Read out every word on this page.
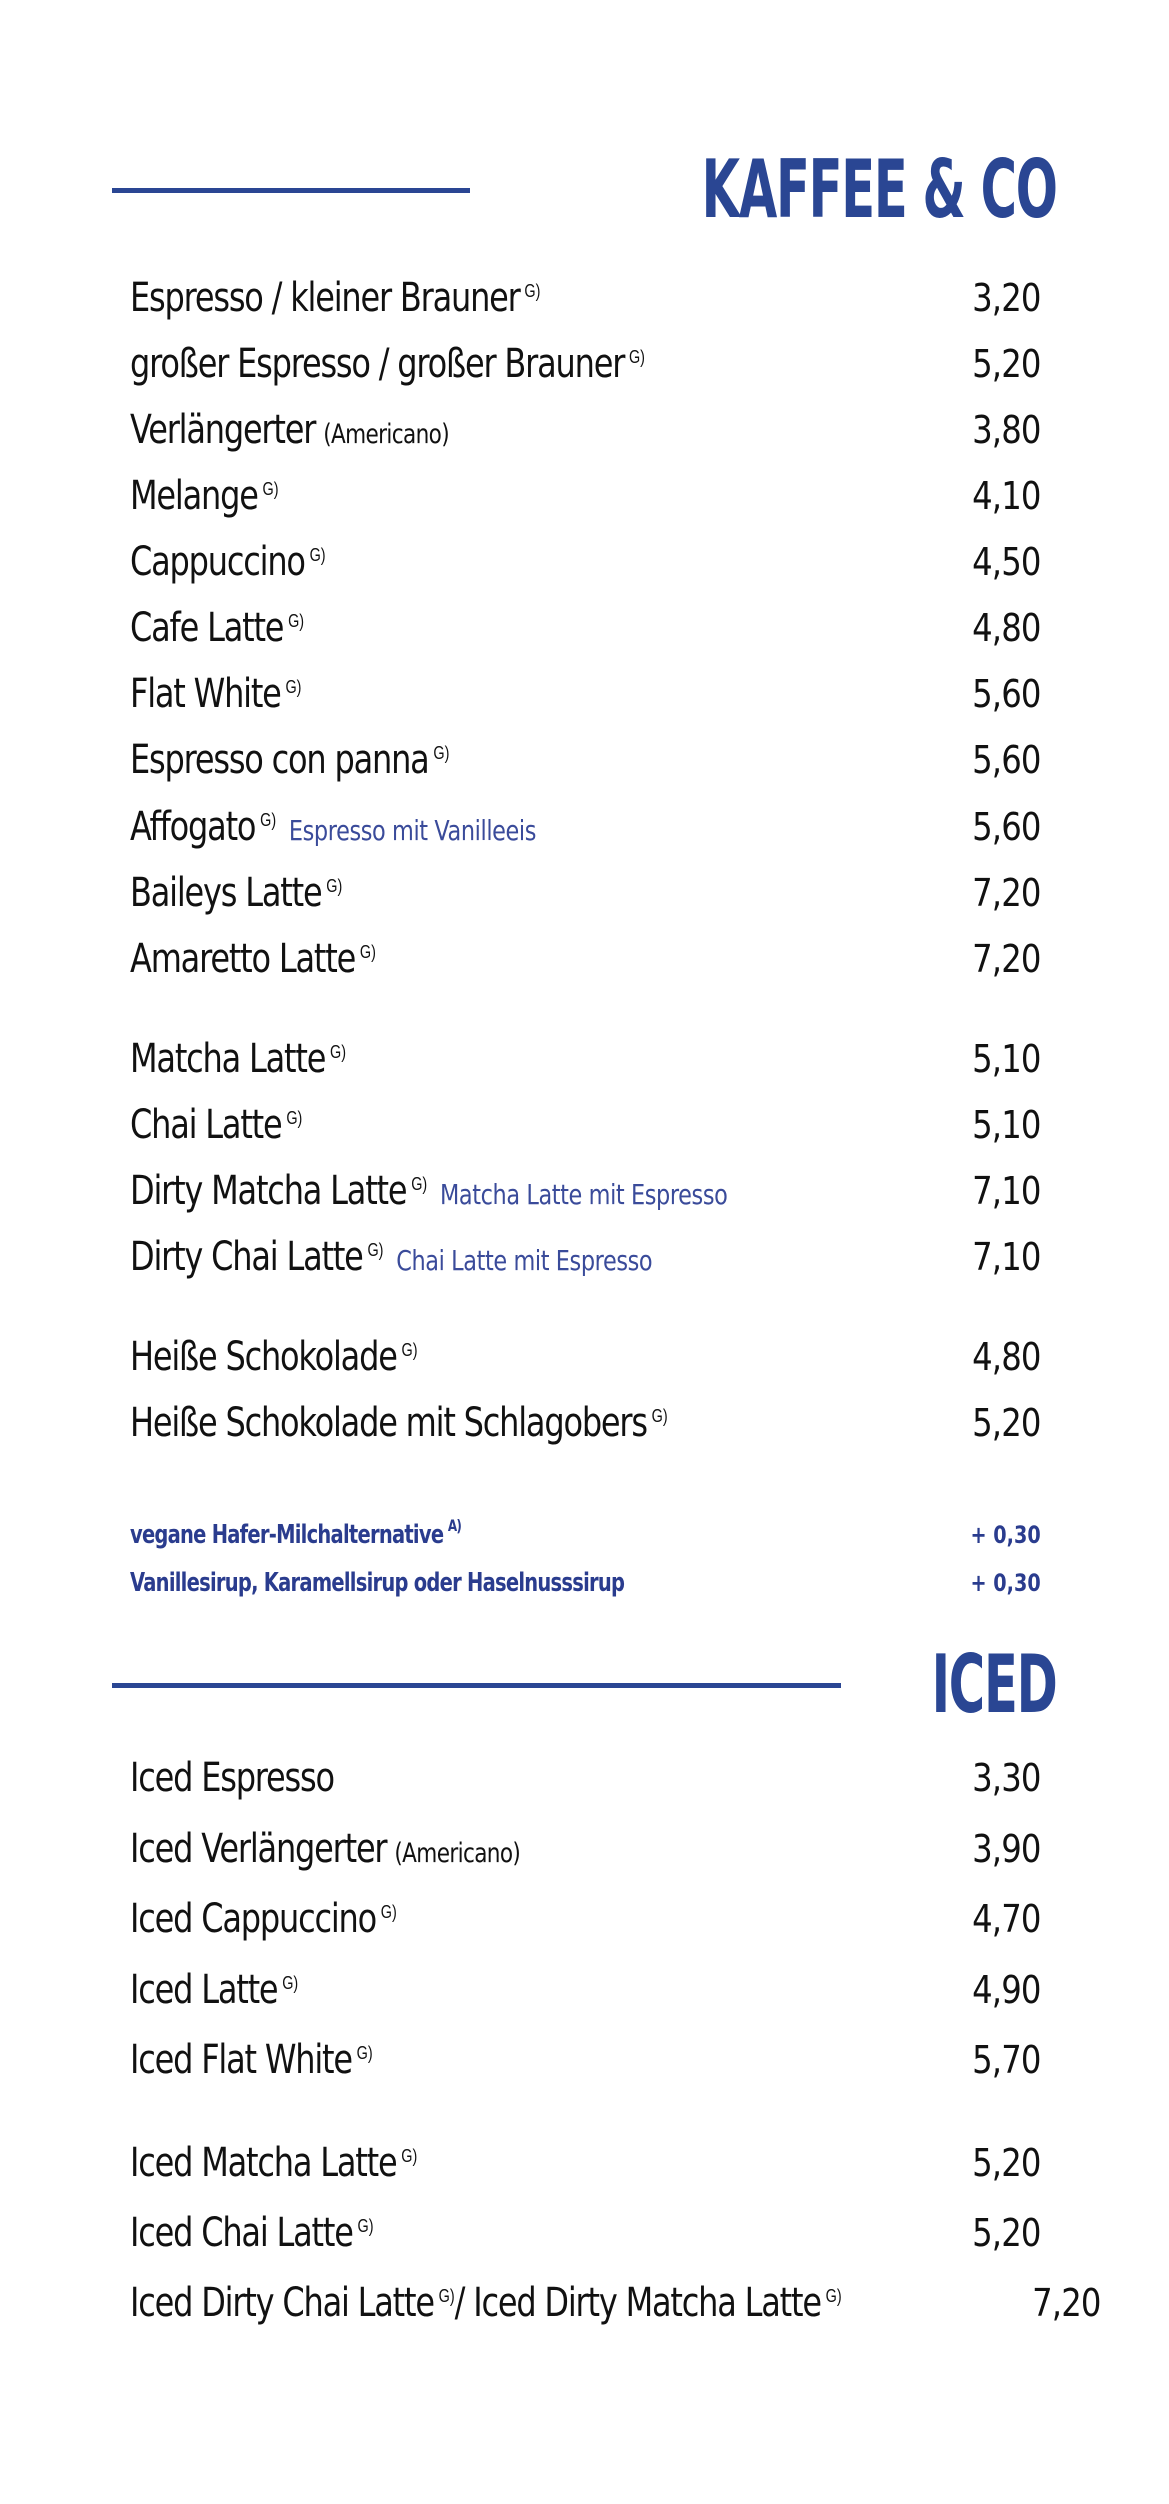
KAFFEE & CO
Espresso / kleiner Brauner $^{G)}$	3,20
großer Espresso / großer Brauner $^{G)}$	5,20
Verlängerter (Americano)	3,80
Melange $^{G)}$	4,10
Cappuccino $^{G)}$	4,50
Cafe Latte $^{G)}$	4,80
Flat White $^{G)}$	5,60
Espresso con panna $^{G)}$	5,60
Affogato $^{G)}$ Espresso mit Vanilleeis	5,60
Baileys Latte $^{G)}$	7,20
Amaretto Latte $^{G)}$	7,20
Matcha Latte $^{G)}$	5,10
Chai Latte $^{G)}$	5,10
Dirty Matcha Latte $^{G)}$ Matcha Latte mit Espresso	7,10
Dirty Chai Latte $^{G)}$ Chai Latte mit Espresso	7,10
Heiße Schokolade $^{G)}$	4,80
Heiße Schokolade mit Schlagobers $^{G)}$	5,20
vegane Hafer-Milchalternative $^{A)}$	+ 0,30
Vanillesirup, Karamellsirup oder Haselnusssirup	+ 0,30
ICED
Iced Espresso	3,30
Iced Verlängerter (Americano)	3,90
Iced Cappuccino $^{G)}$	4,70
Iced Latte $^{G)}$	4,90
Iced Flat White $^{G)}$	5,70
Iced Matcha Latte $^{G)}$	5,20
Iced Chai Latte $^{G)}$	5,20
Iced Dirty Chai Latte $^{G)}$ / Iced Dirty Matcha Latte $^{G)}$	7,20
